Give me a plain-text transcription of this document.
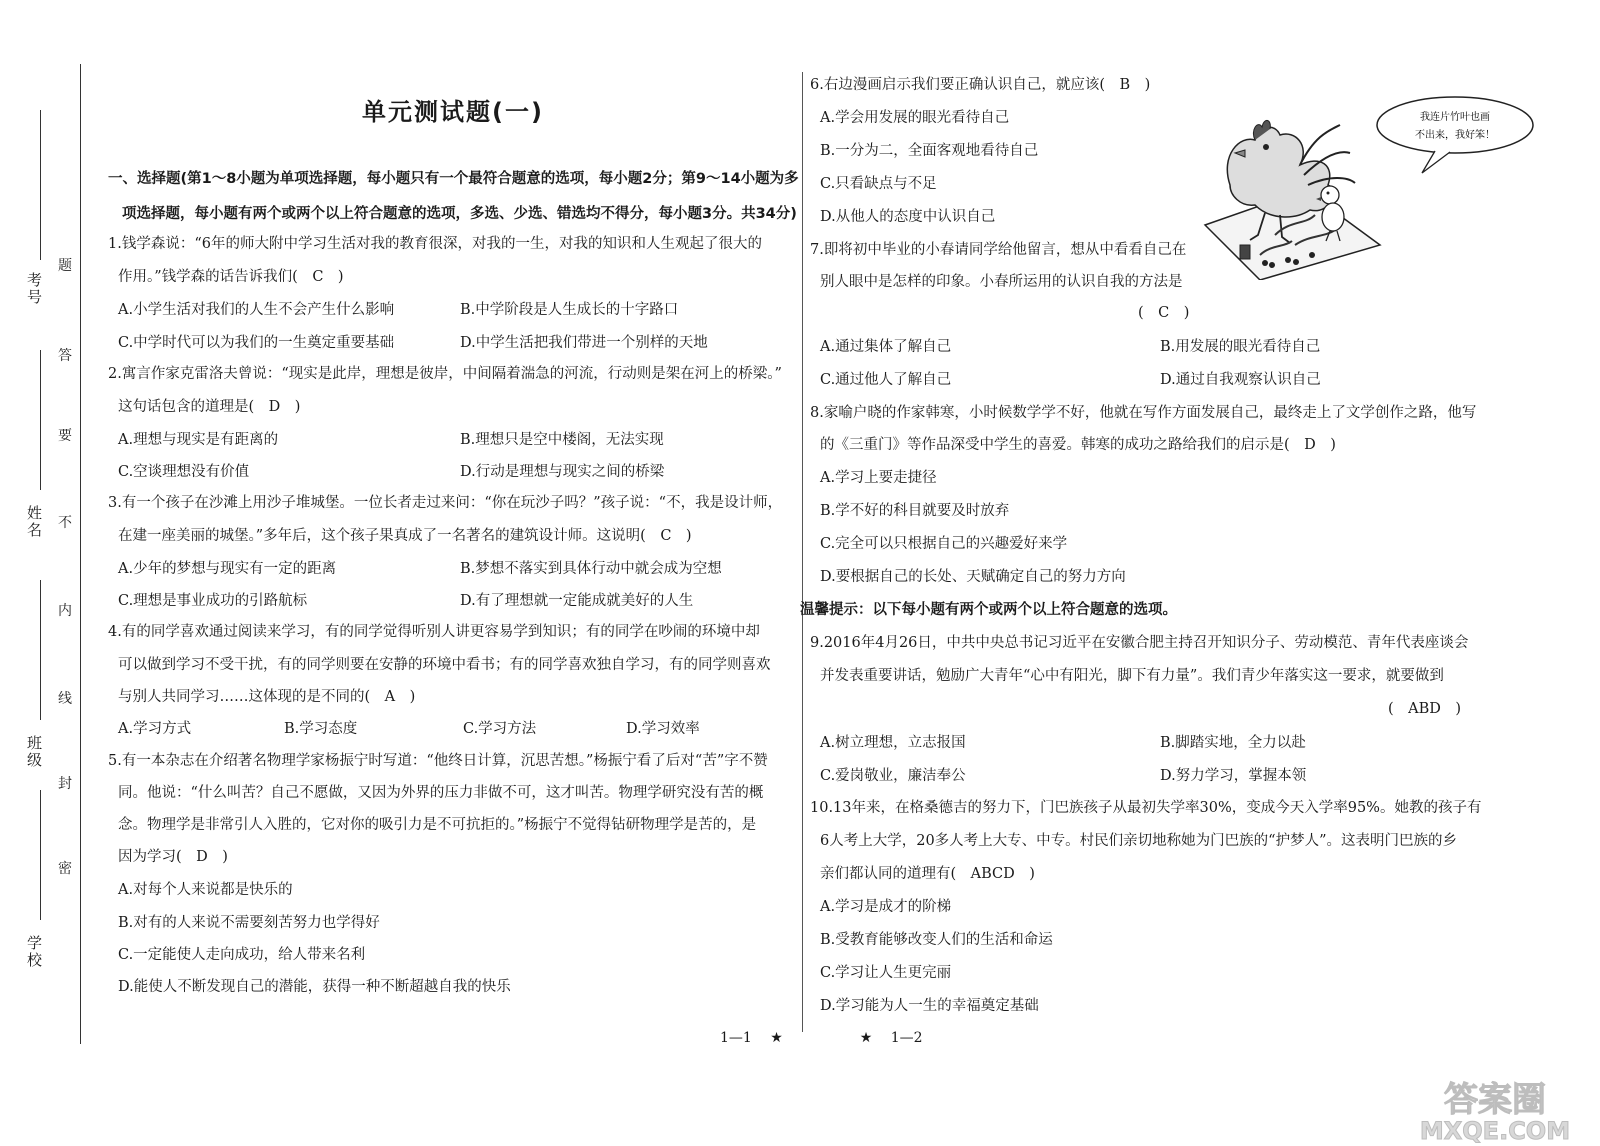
考号
姓名
班级
学校
题
答
要
不
内
线
封
密
单元测试题(一)
一、选择题(第1～8小题为单项选择题，每小题只有一个最符合题意的选项，每小题2分；第9～14小题为多
项选择题，每小题有两个或两个以上符合题意的选项，多选、少选、错选均不得分，每小题3分。共34分)
1.钱学森说：“6年的师大附中学习生活对我的教育很深，对我的一生，对我的知识和人生观起了很大的
作用。”钱学森的话告诉我们(　C　)
A.小学生活对我们的人生不会产生什么影响	B.中学阶段是人生成长的十字路口
C.中学时代可以为我们的一生奠定重要基础	D.中学生活把我们带进一个别样的天地
2.寓言作家克雷洛夫曾说：“现实是此岸，理想是彼岸，中间隔着湍急的河流，行动则是架在河上的桥梁。”
这句话包含的道理是(　D　)
A.理想与现实是有距离的	B.理想只是空中楼阁，无法实现
C.空谈理想没有价值	D.行动是理想与现实之间的桥梁
3.有一个孩子在沙滩上用沙子堆城堡。一位长者走过来问：“你在玩沙子吗？”孩子说：“不，我是设计师，
在建一座美丽的城堡。”多年后，这个孩子果真成了一名著名的建筑设计师。这说明(　C　)
A.少年的梦想与现实有一定的距离	B.梦想不落实到具体行动中就会成为空想
C.理想是事业成功的引路航标	D.有了理想就一定能成就美好的人生
4.有的同学喜欢通过阅读来学习，有的同学觉得听别人讲更容易学到知识；有的同学在吵闹的环境中却
可以做到学习不受干扰，有的同学则要在安静的环境中看书；有的同学喜欢独自学习，有的同学则喜欢
与别人共同学习……这体现的是不同的(　A　)
A.学习方式	B.学习态度	C.学习方法	D.学习效率
5.有一本杂志在介绍著名物理学家杨振宁时写道：“他终日计算，沉思苦想。”杨振宁看了后对“苦”字不赞
同。他说：“什么叫苦？自己不愿做，又因为外界的压力非做不可，这才叫苦。物理学研究没有苦的概
念。物理学是非常引人入胜的，它对你的吸引力是不可抗拒的。”杨振宁不觉得钻研物理学是苦的，是
因为学习(　D　)
A.对每个人来说都是快乐的
B.对有的人来说不需要刻苦努力也学得好
C.一定能使人走向成功，给人带来名利
D.能使人不断发现自己的潜能，获得一种不断超越自我的快乐
6.右边漫画启示我们要正确认识自己，就应该(　B　)
A.学会用发展的眼光看待自己
B.一分为二，全面客观地看待自己
C.只看缺点与不足
D.从他人的态度中认识自己
7.即将初中毕业的小春请同学给他留言，想从中看看自己在
别人眼中是怎样的印象。小春所运用的认识自我的方法是
(　C　)
A.通过集体了解自己	B.用发展的眼光看待自己
C.通过他人了解自己	D.通过自我观察认识自己
8.家喻户晓的作家韩寒，小时候数学学不好，他就在写作方面发展自己，最终走上了文学创作之路，他写
的《三重门》等作品深受中学生的喜爱。韩寒的成功之路给我们的启示是(　D　)
A.学习上要走捷径
B.学不好的科目就要及时放弃
C.完全可以只根据自己的兴趣爱好来学
D.要根据自己的长处、天赋确定自己的努力方向
温馨提示：以下每小题有两个或两个以上符合题意的选项。
9.2016年4月26日，中共中央总书记习近平在安徽合肥主持召开知识分子、劳动模范、青年代表座谈会
并发表重要讲话，勉励广大青年“心中有阳光，脚下有力量”。我们青少年落实这一要求，就要做到
(　ABD　)
A.树立理想，立志报国	B.脚踏实地，全力以赴
C.爱岗敬业，廉洁奉公	D.努力学习，掌握本领
10.13年来，在格桑德吉的努力下，门巴族孩子从最初失学率30%，变成今天入学率95%。她教的孩子有
6人考上大学，20多人考上大专、中专。村民们亲切地称她为门巴族的“护梦人”。这表明门巴族的乡
亲们都认同的道理有(　ABCD　)
A.学习是成才的阶梯
B.受教育能够改变人们的生活和命运
C.学习让人生更完丽
D.学习能为人一生的幸福奠定基础
我连片竹叶也画
不出来，我好笨！
1—1 ★	★ 1—2
答案圈
MXQE.COM
